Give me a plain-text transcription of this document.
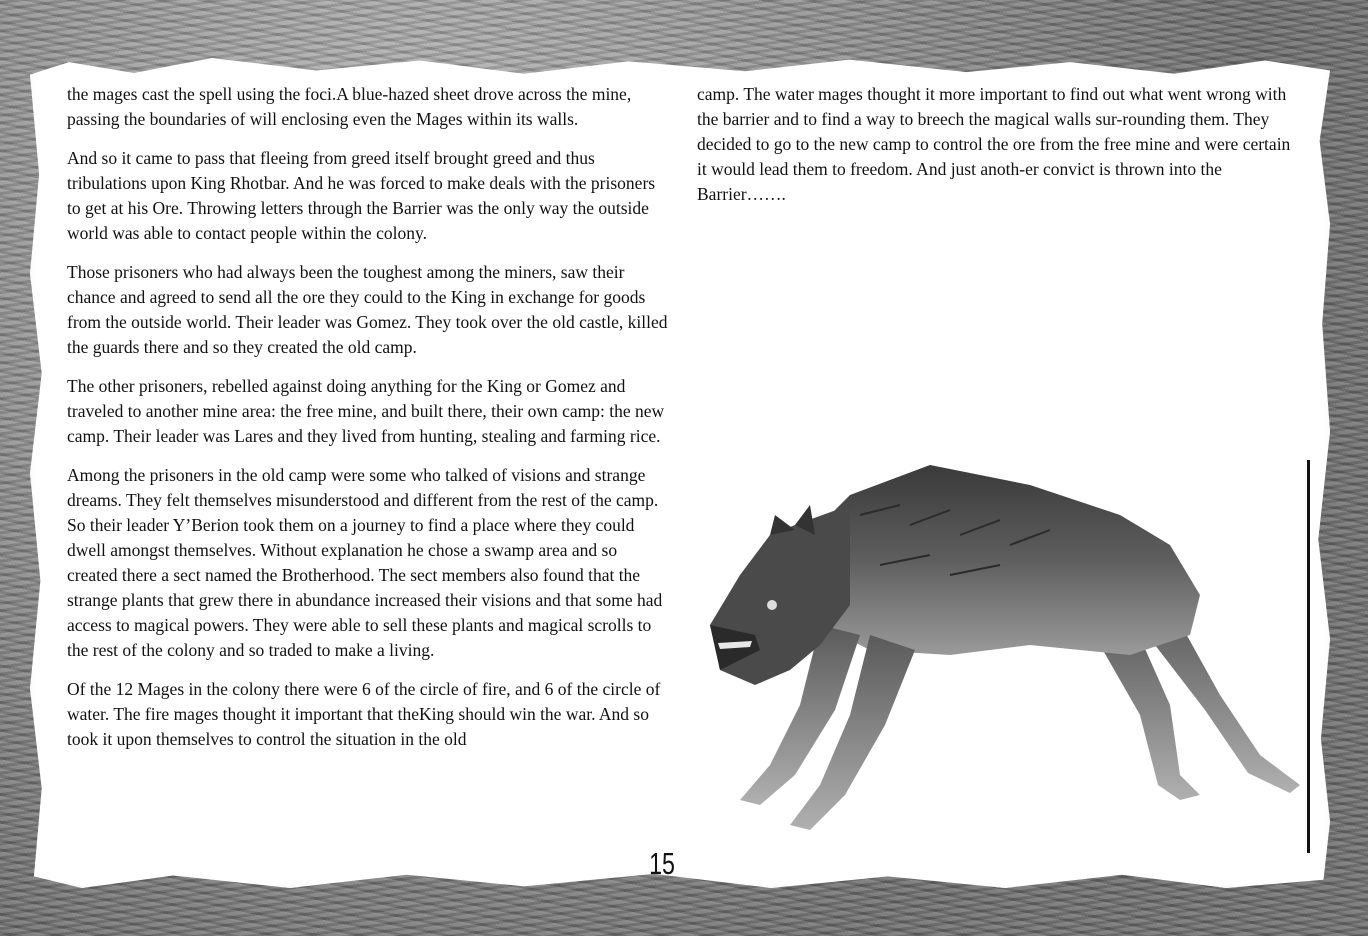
the mages cast the spell using the foci.A blue-hazed sheet drove across the mine, passing the boundaries of will enclosing even the Mages within its walls.

And so it came to pass that fleeing from greed itself brought greed and thus tribulations upon King Rhotbar. And he was forced to make deals with the prisoners to get at his Ore. Throwing letters through the Barrier was the only way the outside world was able to contact people within the colony.

Those prisoners who had always been the toughest among the miners, saw their chance and agreed to send all the ore they could to the King in exchange for goods from the outside world. Their leader was Gomez. They took over the old castle, killed the guards there and so they created the old camp.

The other prisoners, rebelled against doing anything for the King or Gomez and traveled to another mine area: the free mine, and built there, their own camp: the new camp. Their leader was Lares and they lived from hunting, stealing and farming rice.

Among the prisoners in the old camp were some who talked of visions and strange dreams. They felt themselves misunderstood and different from the rest of the camp. So their leader Y’Berion took them on a journey to find a place where they could dwell amongst themselves. Without explanation he chose a swamp area and so created there a sect named the Brotherhood. The sect members also found that the strange plants that grew there in abundance increased their visions and that some had access to magical powers. They were able to sell these plants and magical scrolls to the rest of the colony and so traded to make a living.

Of the 12 Mages in the colony there were 6 of the circle of fire, and 6 of the circle of water. The fire mages thought it important that theKing should win the war. And so took it upon themselves to control the situation in the old

camp. The water mages thought it more important to find out what went wrong with the barrier and to find a way to breech the magical walls sur-rounding them. They decided to go to the new camp to control the ore from the free mine and were certain it would lead them to freedom. And just anoth-er convict is thrown into the Barrier…….

15
